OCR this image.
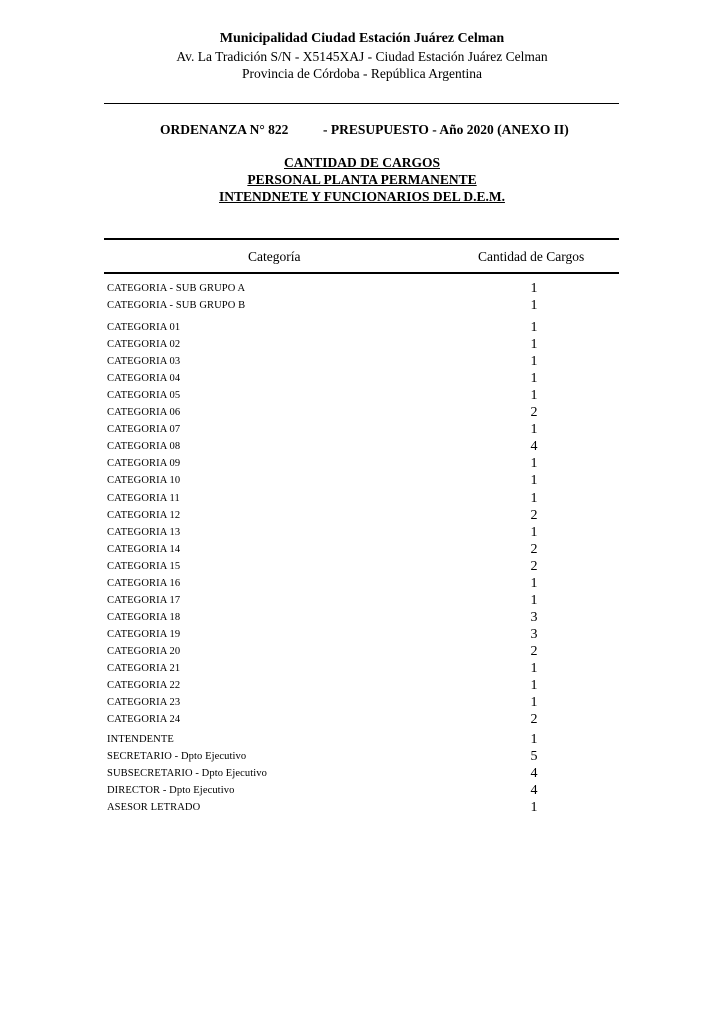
Municipalidad Ciudad Estación Juárez Celman
Av. La Tradición S/N - X5145XAJ - Ciudad Estación Juárez Celman
Provincia de Córdoba - República Argentina
ORDENANZA N° 822	- PRESUPUESTO - Año 2020 (ANEXO II)
CANTIDAD DE CARGOS
PERSONAL PLANTA PERMANENTE
INTENDNETE Y FUNCIONARIOS DEL D.E.M.
Categoría	Cantidad de Cargos
CATEGORIA - SUB GRUPO A	1
CATEGORIA - SUB GRUPO B	1
CATEGORIA 01	1
CATEGORIA 02	1
CATEGORIA 03	1
CATEGORIA 04	1
CATEGORIA 05	1
CATEGORIA 06	2
CATEGORIA 07	1
CATEGORIA 08	4
CATEGORIA 09	1
CATEGORIA 10	1
CATEGORIA 11	1
CATEGORIA 12	2
CATEGORIA 13	1
CATEGORIA 14	2
CATEGORIA 15	2
CATEGORIA 16	1
CATEGORIA 17	1
CATEGORIA 18	3
CATEGORIA 19	3
CATEGORIA 20	2
CATEGORIA 21	1
CATEGORIA 22	1
CATEGORIA 23	1
CATEGORIA 24	2
INTENDENTE	1
SECRETARIO - Dpto Ejecutivo	5
SUBSECRETARIO - Dpto Ejecutivo	4
DIRECTOR - Dpto Ejecutivo	4
ASESOR LETRADO	1
